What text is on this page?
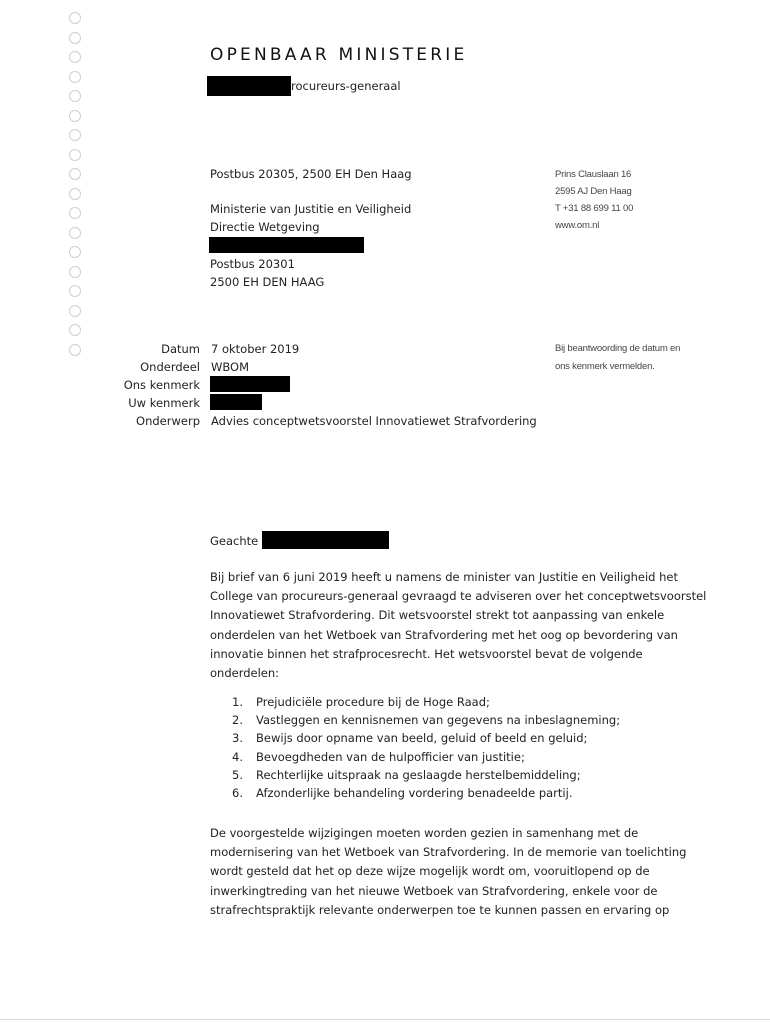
OPENBAAR MINISTERIE
rocureurs-generaal
Postbus 20305, 2500 EH Den Haag	Prins Clauslaan 16
2595 AJ Den Haag
T +31 88 699 11 00
www.om.nl
Ministerie van Justitie en Veiligheid
Directie Wetgeving
Postbus 20301
2500 EH DEN HAAG
Datum
Onderdeel
Ons kenmerk
Uw kenmerk
Onderwerp
7 oktober 2019
WBOM
Advies conceptwetsvoorstel Innovatiewet Strafvordering
Bij beantwoording de datum en
ons kenmerk vermelden.
Geachte
Bij brief van 6 juni 2019 heeft u namens de minister van Justitie en Veiligheid het College van procureurs-generaal gevraagd te adviseren over het conceptwetsvoorstel Innovatiewet Strafvordering. Dit wetsvoorstel strekt tot aanpassing van enkele onderdelen van het Wetboek van Strafvordering met het oog op bevordering van innovatie binnen het strafprocesrecht. Het wetsvoorstel bevat de volgende onderdelen:
1. Prejudiciële procedure bij de Hoge Raad;
2. Vastleggen en kennisnemen van gegevens na inbeslagneming;
3. Bewijs door opname van beeld, geluid of beeld en geluid;
4. Bevoegdheden van de hulpofficier van justitie;
5. Rechterlijke uitspraak na geslaagde herstelbemiddeling;
6. Afzonderlijke behandeling vordering benadeelde partij.
De voorgestelde wijzigingen moeten worden gezien in samenhang met de modernisering van het Wetboek van Strafvordering. In de memorie van toelichting wordt gesteld dat het op deze wijze mogelijk wordt om, vooruitlopend op de inwerkingtreding van het nieuwe Wetboek van Strafvordering, enkele voor de strafrechtspraktijk relevante onderwerpen toe te kunnen passen en ervaring op
